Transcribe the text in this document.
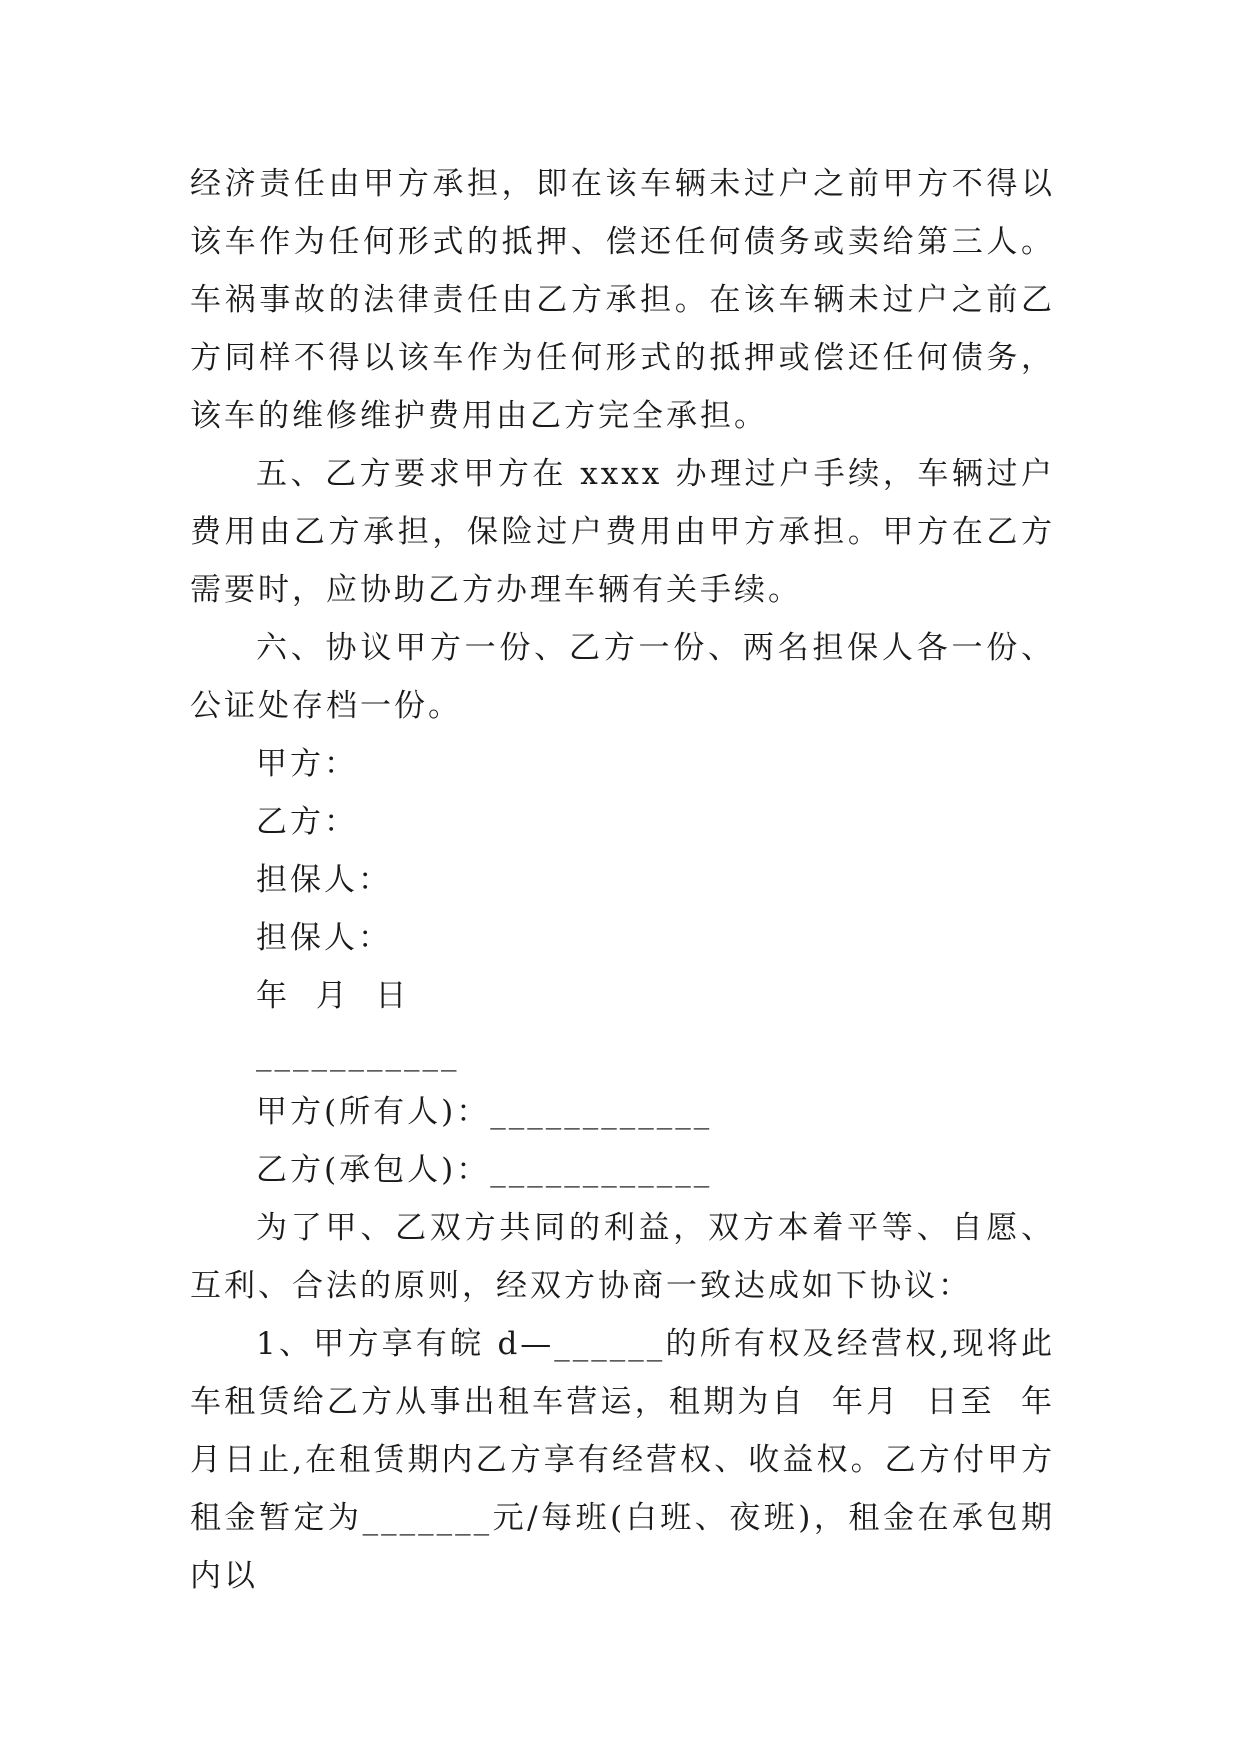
经济责任由甲方承担，即在该车辆未过户之前甲方不得以该车作为任何形式的抵押、偿还任何债务或卖给第三人。车祸事故的法律责任由乙方承担。在该车辆未过户之前乙方同样不得以该车作为任何形式的抵押或偿还任何债务，该车的维修维护费用由乙方完全承担。

五、乙方要求甲方在 xxxx 办理过户手续，车辆过户费用由乙方承担，保险过户费用由甲方承担。甲方在乙方需要时，应协助乙方办理车辆有关手续。

六、协议甲方一份、乙方一份、两名担保人各一份、公证处存档一份。

甲方：

乙方：

担保人：

担保人：

年  月  日

___________

甲方(所有人)：____________

乙方(承包人)：____________

为了甲、乙双方共同的利益，双方本着平等、自愿、互利、合法的原则，经双方协商一致达成如下协议：

1、甲方享有皖 d—______的所有权及经营权,现将此车租赁给乙方从事出租车营运，租期为自  年月  日至  年  月日止,在租赁期内乙方享有经营权、收益权。乙方付甲方租金暂定为_______元/每班(白班、夜班)，租金在承包期内以
